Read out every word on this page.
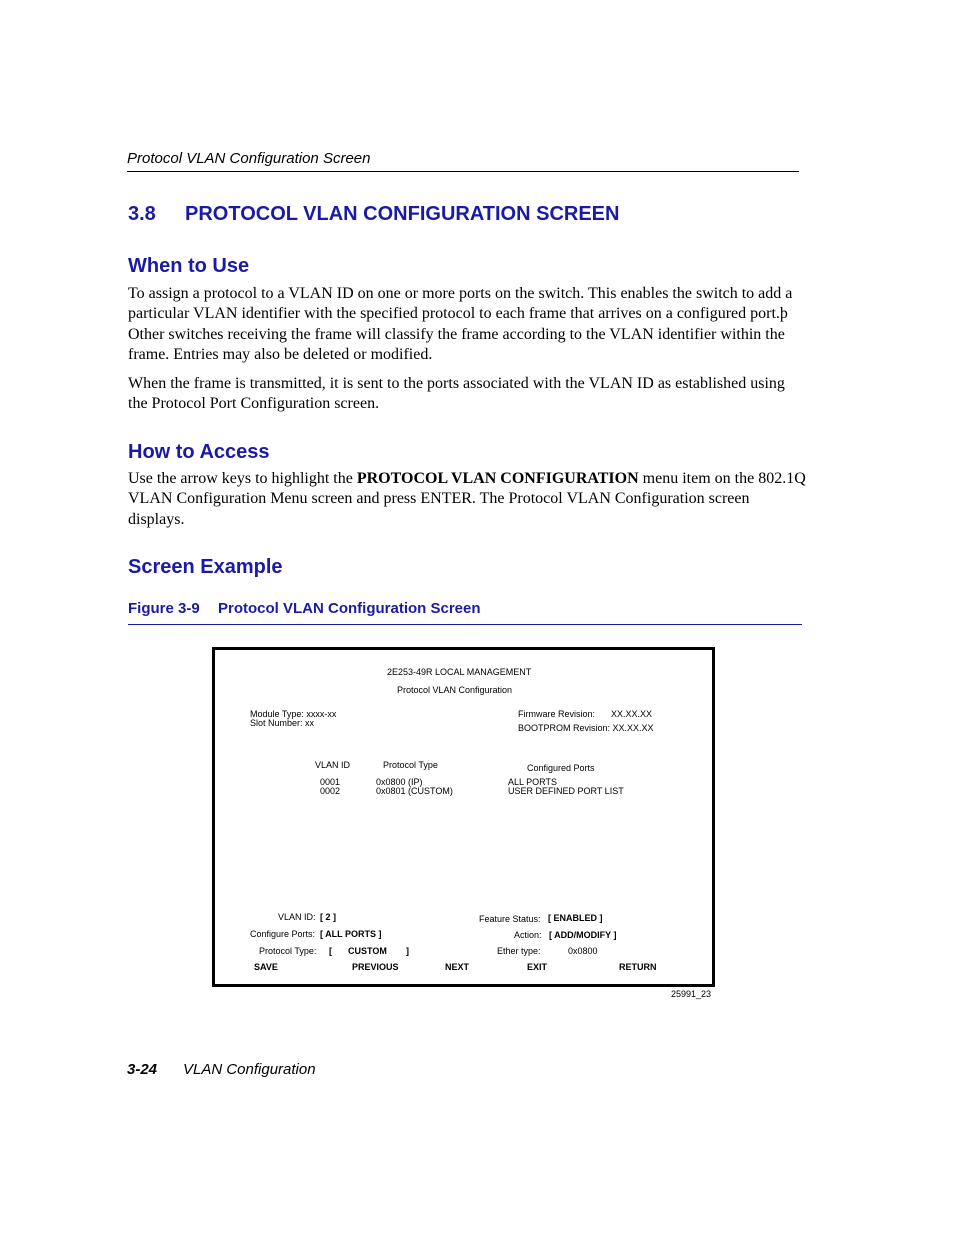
Protocol VLAN Configuration Screen
3.8 PROTOCOL VLAN CONFIGURATION SCREEN
When to Use
To assign a protocol to a VLAN ID on one or more ports on the switch. This enables the switch to add a particular VLAN identifier with the specified protocol to each frame that arrives on a configured port.þ Other switches receiving the frame will classify the frame according to the VLAN identifier within the frame. Entries may also be deleted or modified.
When the frame is transmitted, it is sent to the ports associated with the VLAN ID as established using the Protocol Port Configuration screen.
How to Access
Use the arrow keys to highlight the PROTOCOL VLAN CONFIGURATION menu item on the 802.1Q VLAN Configuration Menu screen and press ENTER. The Protocol VLAN Configuration screen displays.
Screen Example
Figure 3-9 Protocol VLAN Configuration Screen
2E253-49R LOCAL MANAGEMENT
Protocol VLAN Configuration
Module Type: xxxx-xx
Slot Number: xx
Firmware Revision: XX.XX.XX
BOOTPROM Revision: XX.XX.XX
VLAN ID	Protocol Type	Configured Ports
0001	0x0800 (IP)	ALL PORTS
0002	0x0801 (CUSTOM)	USER DEFINED PORT LIST
VLAN ID: [ 2 ]
Configure Ports: [ ALL PORTS ]
Protocol Type: [ CUSTOM ]
Feature Status: [ ENABLED ]
Action: [ ADD/MODIFY ]
Ether type:	0x0800
SAVE	PREVIOUS	NEXT	EXIT	RETURN
25991_23
3-24 VLAN Configuration
